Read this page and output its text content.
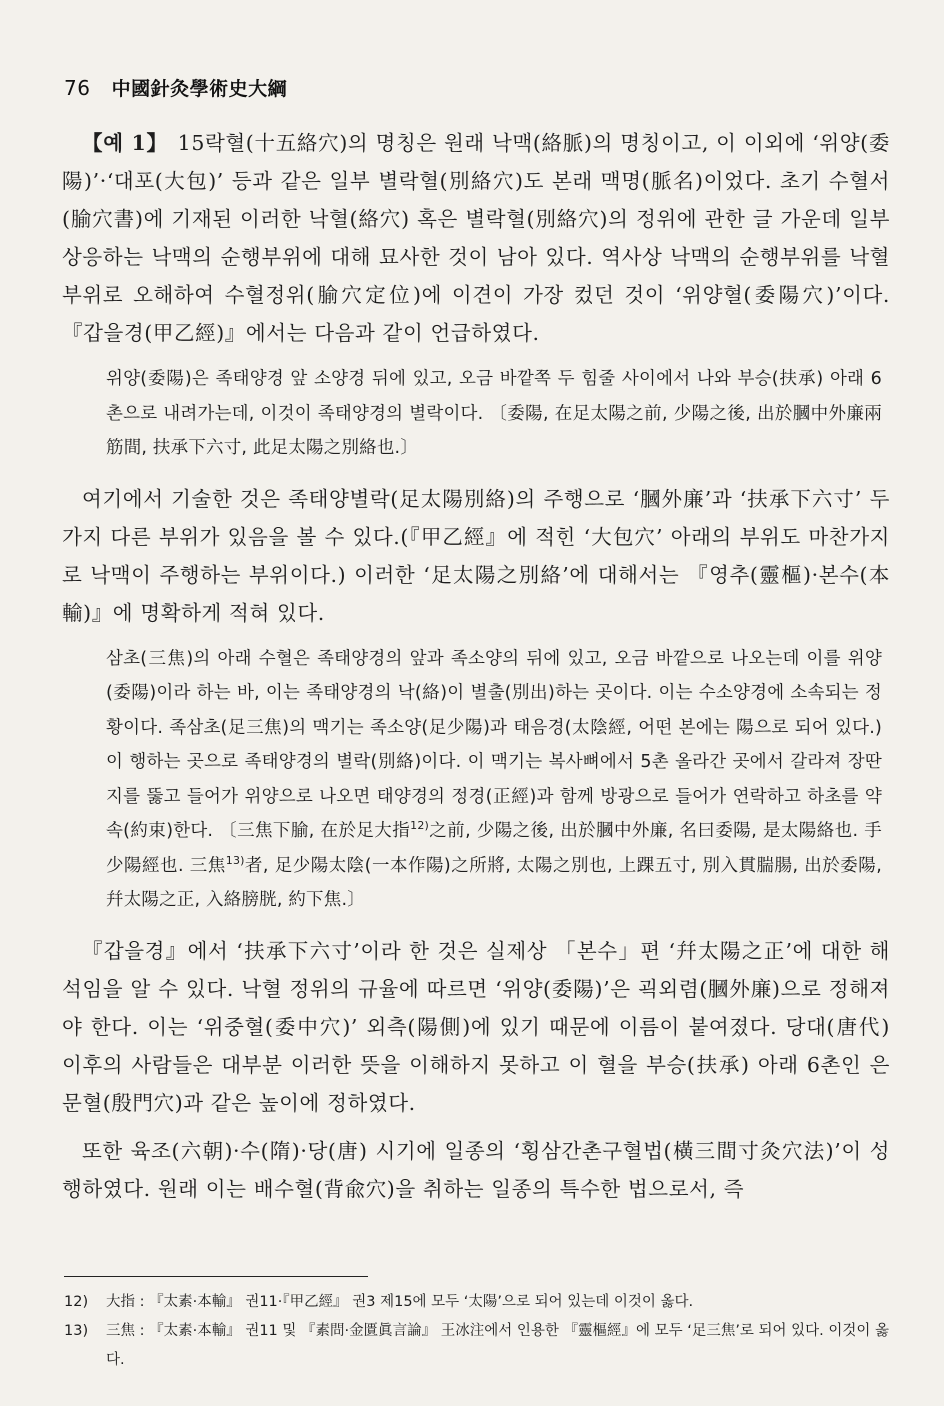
76 中國針灸學術史大綱

【예 1】 15락혈(十五絡穴)의 명칭은 원래 낙맥(絡脈)의 명칭이고, 이 이외에 ‘위양(委陽)’·‘대포(大包)’ 등과 같은 일부 별락혈(別絡穴)도 본래 맥명(脈名)이었다. 초기 수혈서(腧穴書)에 기재된 이러한 낙혈(絡穴) 혹은 별락혈(別絡穴)의 정위에 관한 글 가운데 일부 상응하는 낙맥의 순행부위에 대해 묘사한 것이 남아 있다. 역사상 낙맥의 순행부위를 낙혈 부위로 오해하여 수혈정위(腧穴定位)에 이견이 가장 컸던 것이 ‘위양혈(委陽穴)’이다. 『갑을경(甲乙經)』에서는 다음과 같이 언급하였다.

위양(委陽)은 족태양경 앞 소양경 뒤에 있고, 오금 바깥쪽 두 힘줄 사이에서 나와 부승(扶承) 아래 6촌으로 내려가는데, 이것이 족태양경의 별락이다. 〔委陽, 在足太陽之前, 少陽之後, 出於膕中外廉兩筋間, 扶承下六寸, 此足太陽之別絡也.〕

여기에서 기술한 것은 족태양별락(足太陽別絡)의 주행으로 ‘膕外廉’과 ‘扶承下六寸’ 두 가지 다른 부위가 있음을 볼 수 있다.(『甲乙經』에 적힌 ‘大包穴’ 아래의 부위도 마찬가지로 낙맥이 주행하는 부위이다.) 이러한 ‘足太陽之別絡’에 대해서는 『영추(靈樞)·본수(本輸)』에 명확하게 적혀 있다.

삼초(三焦)의 아래 수혈은 족태양경의 앞과 족소양의 뒤에 있고, 오금 바깥으로 나오는데 이를 위양(委陽)이라 하는 바, 이는 족태양경의 낙(絡)이 별출(別出)하는 곳이다. 이는 수소양경에 소속되는 정황이다. 족삼초(足三焦)의 맥기는 족소양(足少陽)과 태음경(太陰經, 어떤 본에는 陽으로 되어 있다.)이 행하는 곳으로 족태양경의 별락(別絡)이다. 이 맥기는 복사뼈에서 5촌 올라간 곳에서 갈라져 장딴지를 뚫고 들어가 위양으로 나오면 태양경의 정경(正經)과 함께 방광으로 들어가 연락하고 하초를 약속(約束)한다. 〔三焦下腧, 在於足大指$^{12)}$之前, 少陽之後, 出於膕中外廉, 名曰委陽, 是太陽絡也. 手少陽經也. 三焦$^{13)}$者, 足少陽太陰(一本作陽)之所將, 太陽之別也, 上踝五寸, 別入貫腨腸, 出於委陽, 幷太陽之正, 入絡膀胱, 約下焦.〕

『갑을경』에서 ‘扶承下六寸’이라 한 것은 실제상 「본수」편 ‘幷太陽之正’에 대한 해석임을 알 수 있다. 낙혈 정위의 규율에 따르면 ‘위양(委陽)’은 괵외렴(膕外廉)으로 정해져야 한다. 이는 ‘위중혈(委中穴)’ 외측(陽側)에 있기 때문에 이름이 붙여졌다. 당대(唐代) 이후의 사람들은 대부분 이러한 뜻을 이해하지 못하고 이 혈을 부승(扶承) 아래 6촌인 은문혈(殷門穴)과 같은 높이에 정하였다.

또한 육조(六朝)·수(隋)·당(唐) 시기에 일종의 ‘횡삼간촌구혈법(橫三間寸灸穴法)’이 성행하였다. 원래 이는 배수혈(背兪穴)을 취하는 일종의 특수한 법으로서, 즉

12)	大指 : 『太素·本輸』 권11·『甲乙經』 권3 제15에 모두 ‘太陽’으로 되어 있는데 이것이 옳다.
13)	三焦 : 『太素·本輸』 권11 및 『素問·金匱眞言論』 王冰注에서 인용한 『靈樞經』에 모두 ‘足三焦’로 되어 있다. 이것이 옳다.
